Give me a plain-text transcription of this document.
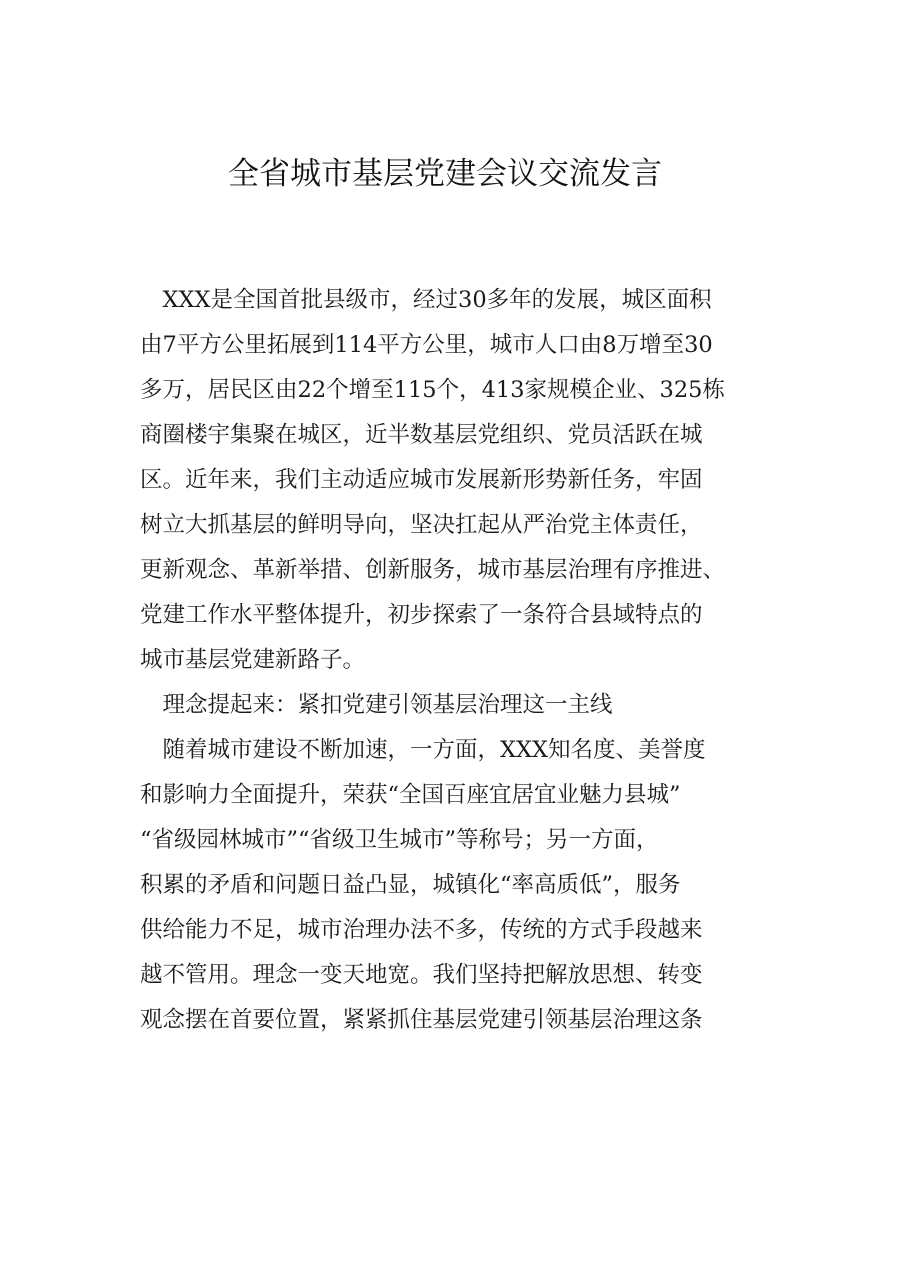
全省城市基层党建会议交流发言
　XXX是全国首批县级市，经过30多年的发展，城区面积
由7平方公里拓展到114平方公里，城市人口由8万增至30
多万，居民区由22个增至115个，413家规模企业、325栋
商圈楼宇集聚在城区，近半数基层党组织、党员活跃在城
区。近年来，我们主动适应城市发展新形势新任务，牢固
树立大抓基层的鲜明导向，坚决扛起从严治党主体责任，
更新观念、革新举措、创新服务，城市基层治理有序推进、
党建工作水平整体提升，初步探索了一条符合县域特点的
城市基层党建新路子。
　理念提起来：紧扣党建引领基层治理这一主线
　随着城市建设不断加速，一方面，XXX知名度、美誉度
和影响力全面提升，荣获“全国百座宜居宜业魅力县城”
“省级园林城市”“省级卫生城市”等称号；另一方面，
积累的矛盾和问题日益凸显，城镇化“率高质低”，服务
供给能力不足，城市治理办法不多，传统的方式手段越来
越不管用。理念一变天地宽。我们坚持把解放思想、转变
观念摆在首要位置，紧紧抓住基层党建引领基层治理这条
